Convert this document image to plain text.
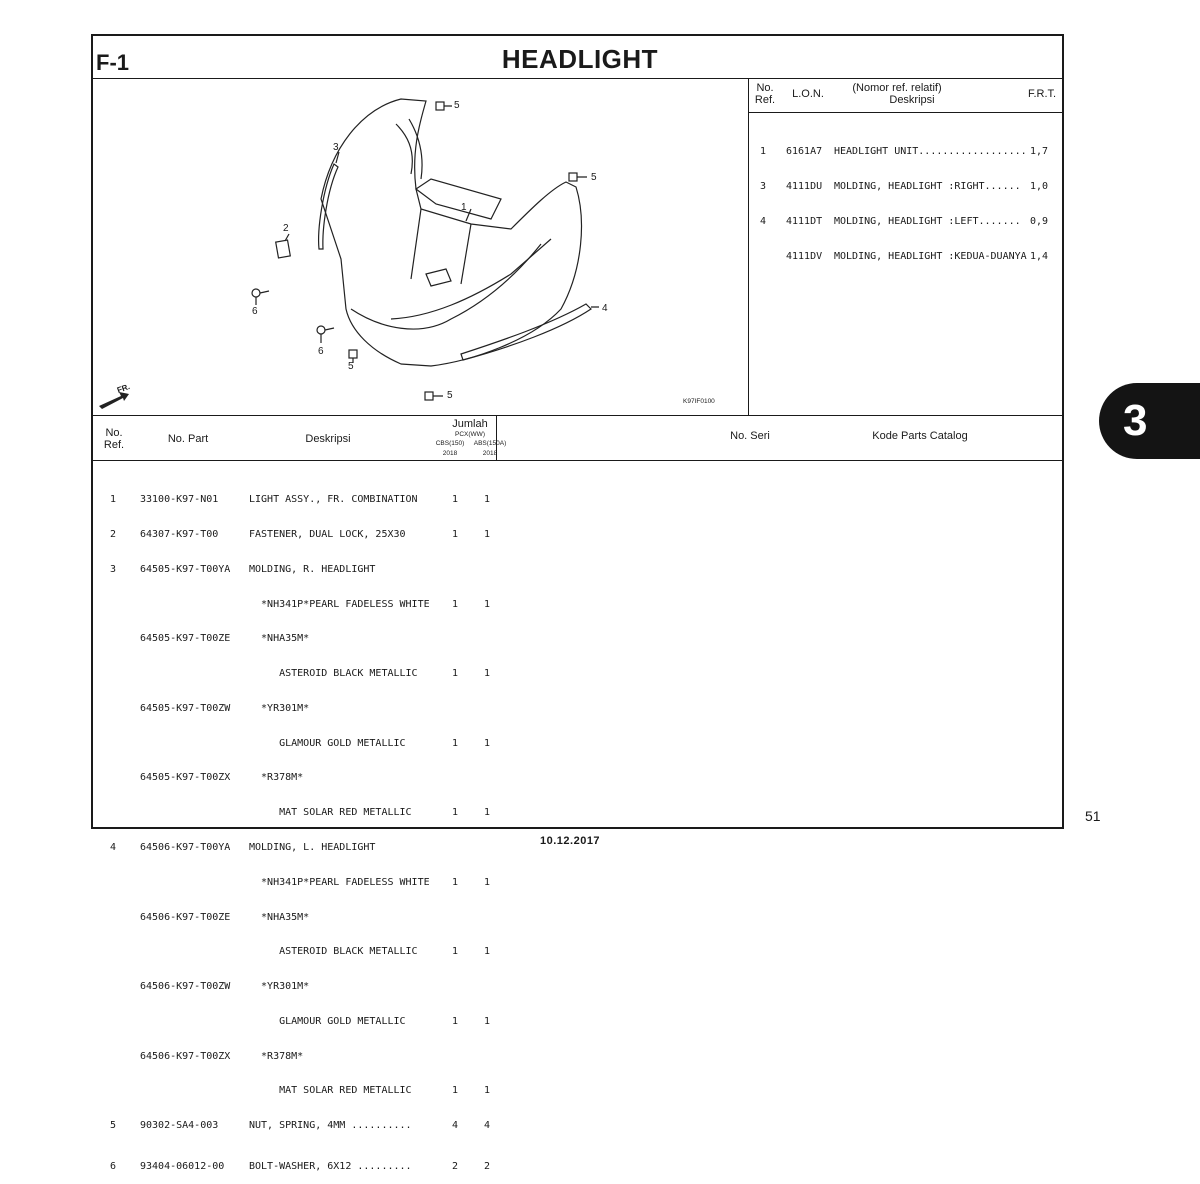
F-1	HEADLIGHT
No.
Ref.	L.O.N.	(Nomor ref. relatif)
Deskripsi	F.R.T.

1 6161A7 HEADLIGHT UNIT.................. 1,7

3 4111DU MOLDING, HEADLIGHT :RIGHT...... 1,0

4 4111DT MOLDING, HEADLIGHT :LEFT....... 0,9

4111DV MOLDING, HEADLIGHT :KEDUA-DUANYA 1,4

5
5
1
3
2
6
6
5
5
4
FR.
K97IF0100
No.
Ref.	No. Part	Deskripsi
Jumlah
PCX(WW)
CBS(150)	ABS(150A)
2018	2018
No. Seri	Kode Parts Catalog

1 33100-K97-N01	LIGHT ASSY., FR. COMBINATION	1	1

2 64307-K97-T00	FASTENER, DUAL LOCK, 25X30	1	1

3 64505-K97-T00YA MOLDING, R. HEADLIGHT

*NH341P*PEARL FADELESS WHITE 1	1

64505-K97-T00ZE  *NHA35M*

ASTEROID BLACK METALLIC	1	1

64505-K97-T00ZW  *YR301M*

GLAMOUR GOLD METALLIC	1	1

64505-K97-T00ZX  *R378M*

MAT SOLAR RED METALLIC	1	1

4 64506-K97-T00YA MOLDING, L. HEADLIGHT

*NH341P*PEARL FADELESS WHITE 1	1

64506-K97-T00ZE  *NHA35M*

ASTEROID BLACK METALLIC	1	1

64506-K97-T00ZW  *YR301M*

GLAMOUR GOLD METALLIC	1	1

64506-K97-T00ZX  *R378M*

MAT SOLAR RED METALLIC	1	1

5 90302-SA4-003	NUT, SPRING, 4MM ..........	4	4

6 93404-06012-00 BOLT-WASHER, 6X12 .........	2	2

3
51
10.12.2017
